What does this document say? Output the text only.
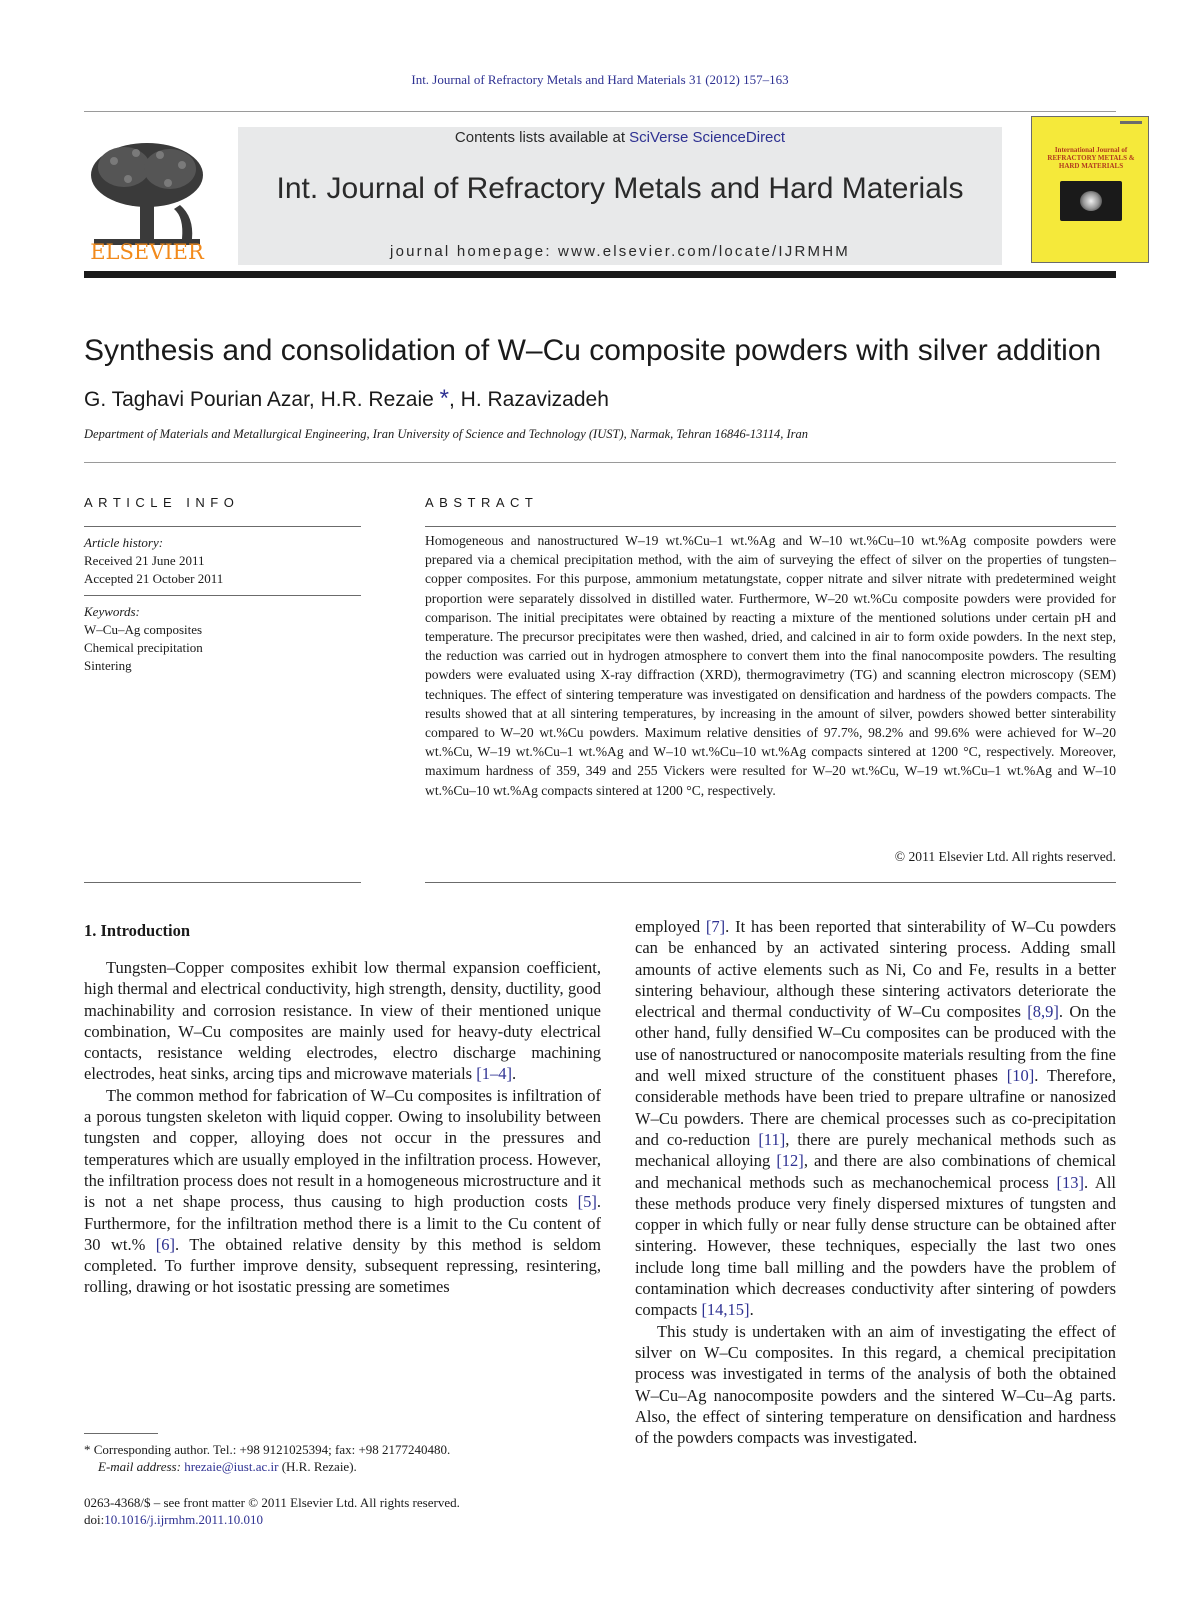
Int. Journal of Refractory Metals and Hard Materials 31 (2012) 157–163
ELSEVIER
Contents lists available at SciVerse ScienceDirect
Int. Journal of Refractory Metals and Hard Materials
journal homepage: www.elsevier.com/locate/IJRMHM
International Journal of REFRACTORY METALS & HARD MATERIALS
Synthesis and consolidation of W–Cu composite powders with silver addition
G. Taghavi Pourian Azar, H.R. Rezaie *, H. Razavizadeh
Department of Materials and Metallurgical Engineering, Iran University of Science and Technology (IUST), Narmak, Tehran 16846-13114, Iran
ARTICLE INFO
Article history:
Received 21 June 2011
Accepted 21 October 2011
Keywords:
W–Cu–Ag composites
Chemical precipitation
Sintering
ABSTRACT
Homogeneous and nanostructured W–19 wt.%Cu–1 wt.%Ag and W–10 wt.%Cu–10 wt.%Ag composite powders were prepared via a chemical precipitation method, with the aim of surveying the effect of silver on the properties of tungsten–copper composites. For this purpose, ammonium metatungstate, copper nitrate and silver nitrate with predetermined weight proportion were separately dissolved in distilled water. Furthermore, W–20 wt.%Cu composite powders were provided for comparison. The initial precipitates were obtained by reacting a mixture of the mentioned solutions under certain pH and temperature. The precursor precipitates were then washed, dried, and calcined in air to form oxide powders. In the next step, the reduction was carried out in hydrogen atmosphere to convert them into the final nanocomposite powders. The resulting powders were evaluated using X-ray diffraction (XRD), thermogravimetry (TG) and scanning electron microscopy (SEM) techniques. The effect of sintering temperature was investigated on densification and hardness of the powders compacts. The results showed that at all sintering temperatures, by increasing in the amount of silver, powders showed better sinterability compared to W–20 wt.%Cu powders. Maximum relative densities of 97.7%, 98.2% and 99.6% were achieved for W–20 wt.%Cu, W–19 wt.%Cu–1 wt.%Ag and W–10 wt.%Cu–10 wt.%Ag compacts sintered at 1200 °C, respectively. Moreover, maximum hardness of 359, 349 and 255 Vickers were resulted for W–20 wt.%Cu, W–19 wt.%Cu–1 wt.%Ag and W–10 wt.%Cu–10 wt.%Ag compacts sintered at 1200 °C, respectively.
© 2011 Elsevier Ltd. All rights reserved.
1. Introduction

Tungsten–Copper composites exhibit low thermal expansion coefficient, high thermal and electrical conductivity, high strength, density, ductility, good machinability and corrosion resistance. In view of their mentioned unique combination, W–Cu composites are mainly used for heavy-duty electrical contacts, resistance welding electrodes, electro discharge machining electrodes, heat sinks, arcing tips and microwave materials [1–4].

The common method for fabrication of W–Cu composites is infiltration of a porous tungsten skeleton with liquid copper. Owing to insolubility between tungsten and copper, alloying does not occur in the pressures and temperatures which are usually employed in the infiltration process. However, the infiltration process does not result in a homogeneous microstructure and it is not a net shape process, thus causing to high production costs [5]. Furthermore, for the infiltration method there is a limit to the Cu content of 30 wt.% [6]. The obtained relative density by this method is seldom completed. To further improve density, subsequent repressing, resintering, rolling, drawing or hot isostatic pressing are sometimes

employed [7]. It has been reported that sinterability of W–Cu powders can be enhanced by an activated sintering process. Adding small amounts of active elements such as Ni, Co and Fe, results in a better sintering behaviour, although these sintering activators deteriorate the electrical and thermal conductivity of W–Cu composites [8,9]. On the other hand, fully densified W–Cu composites can be produced with the use of nanostructured or nanocomposite materials resulting from the fine and well mixed structure of the constituent phases [10]. Therefore, considerable methods have been tried to prepare ultrafine or nanosized W–Cu powders. There are chemical processes such as co-precipitation and co-reduction [11], there are purely mechanical methods such as mechanical alloying [12], and there are also combinations of chemical and mechanical methods such as mechanochemical process [13]. All these methods produce very finely dispersed mixtures of tungsten and copper in which fully or near fully dense structure can be obtained after sintering. However, these techniques, especially the last two ones include long time ball milling and the powders have the problem of contamination which decreases conductivity after sintering of powders compacts [14,15].

This study is undertaken with an aim of investigating the effect of silver on W–Cu composites. In this regard, a chemical precipitation process was investigated in terms of the analysis of both the obtained W–Cu–Ag nanocomposite powders and the sintered W–Cu–Ag parts. Also, the effect of sintering temperature on densification and hardness of the powders compacts was investigated.

* Corresponding author. Tel.: +98 9121025394; fax: +98 2177240480.
E-mail address: hrezaie@iust.ac.ir (H.R. Rezaie).
0263-4368/$ – see front matter © 2011 Elsevier Ltd. All rights reserved.
doi:10.1016/j.ijrmhm.2011.10.010
